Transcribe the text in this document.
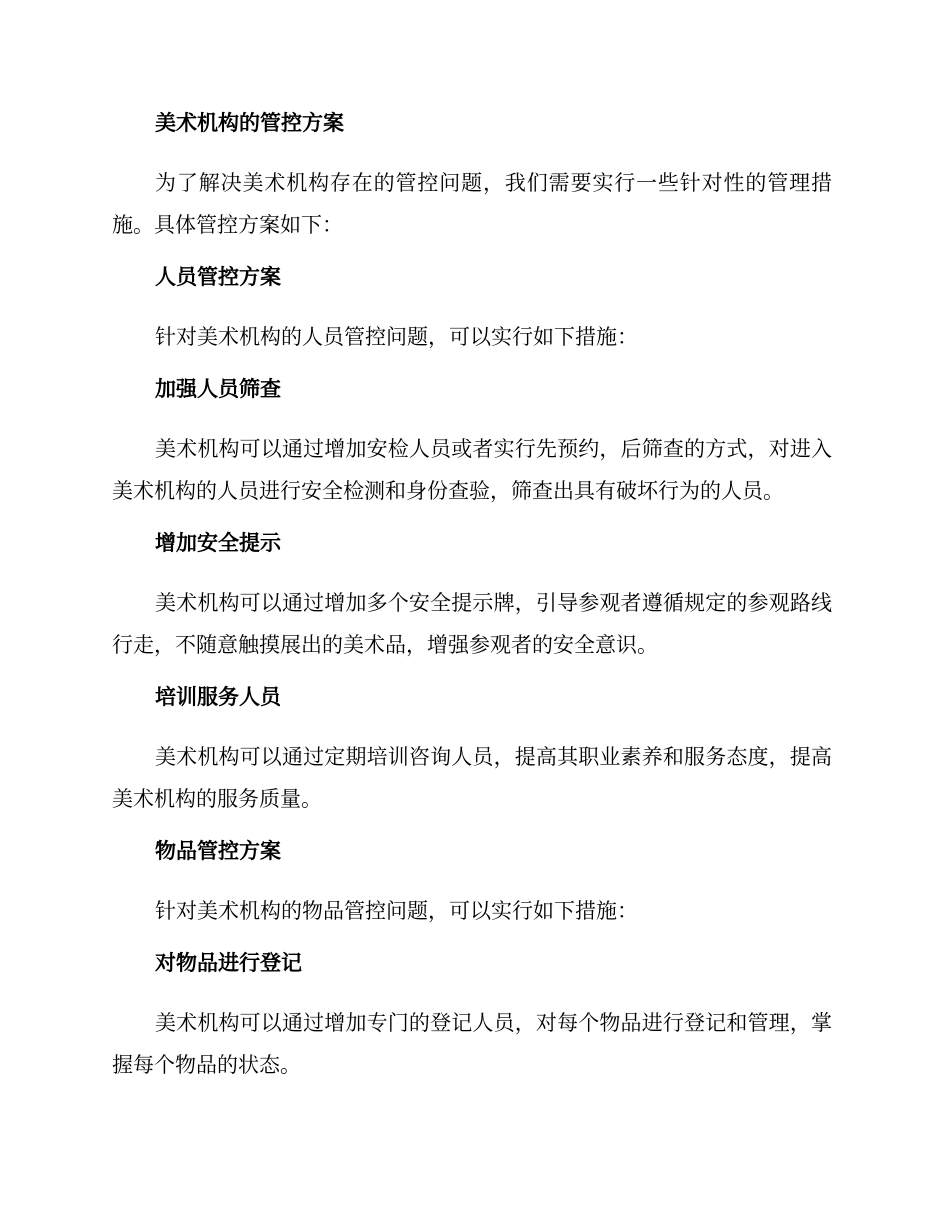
美术机构的管控方案

为了解决美术机构存在的管控问题，我们需要实行一些针对性的管理措施。具体管控方案如下：

人员管控方案

针对美术机构的人员管控问题，可以实行如下措施：

加强人员筛查

美术机构可以通过增加安检人员或者实行先预约，后筛查的方式，对进入美术机构的人员进行安全检测和身份查验，筛查出具有破坏行为的人员。

增加安全提示

美术机构可以通过增加多个安全提示牌，引导参观者遵循规定的参观路线行走，不随意触摸展出的美术品，增强参观者的安全意识。

培训服务人员

美术机构可以通过定期培训咨询人员，提高其职业素养和服务态度，提高美术机构的服务质量。

物品管控方案

针对美术机构的物品管控问题，可以实行如下措施：

对物品进行登记

美术机构可以通过增加专门的登记人员，对每个物品进行登记和管理，掌握每个物品的状态。
